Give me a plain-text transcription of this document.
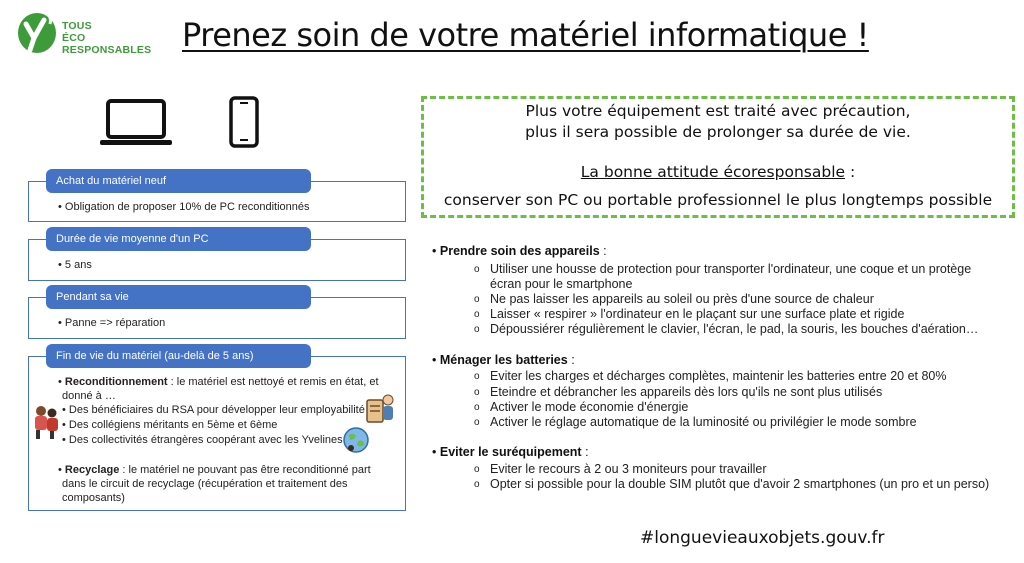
TOUS
ÉCO
RESPONSABLES Prenez soin de votre matériel informatique !
Achat du matériel neuf
• Obligation de proposer 10% de PC reconditionnés
Durée de vie moyenne d'un PC
• 5 ans
Pendant sa vie
• Panne => réparation
Fin de vie du matériel (au-delà de 5 ans)
• Reconditionnement : le matériel est nettoyé et remis en état, et
donné à …
• Des bénéficiaires du RSA pour développer leur employabilité
• Des collégiens méritants en 5ème et 6ème
• Des collectivités étrangères coopérant avec les Yvelines
• Recyclage : le matériel ne pouvant pas être reconditionné part
dans le circuit de recyclage (récupération et traitement des
composants)
Plus votre équipement est traité avec précaution,
plus il sera possible de prolonger sa durée de vie.
La bonne attitude écoresponsable :
conserver son PC ou portable professionnel le plus longtemps possible
• Prendre soin des appareils :
o Utiliser une housse de protection pour transporter l'ordinateur, une coque et un protège
écran pour le smartphone
o Ne pas laisser les appareils au soleil ou près d'une source de chaleur
o Laisser « respirer » l'ordinateur en le plaçant sur une surface plate et rigide
o Dépoussiérer régulièrement le clavier, l'écran, le pad, la souris, les bouches d'aération…
• Ménager les batteries :
o Eviter les charges et décharges complètes, maintenir les batteries entre 20 et 80%
o Eteindre et débrancher les appareils dès lors qu'ils ne sont plus utilisés
o Activer le mode économie d'énergie
o Activer le réglage automatique de la luminosité ou privilégier le mode sombre
• Eviter le suréquipement :
o Eviter le recours à 2 ou 3 moniteurs pour travailler
o Opter si possible pour la double SIM plutôt que d'avoir 2 smartphones (un pro et un perso)
#longuevieauxobjets.gouv.fr
